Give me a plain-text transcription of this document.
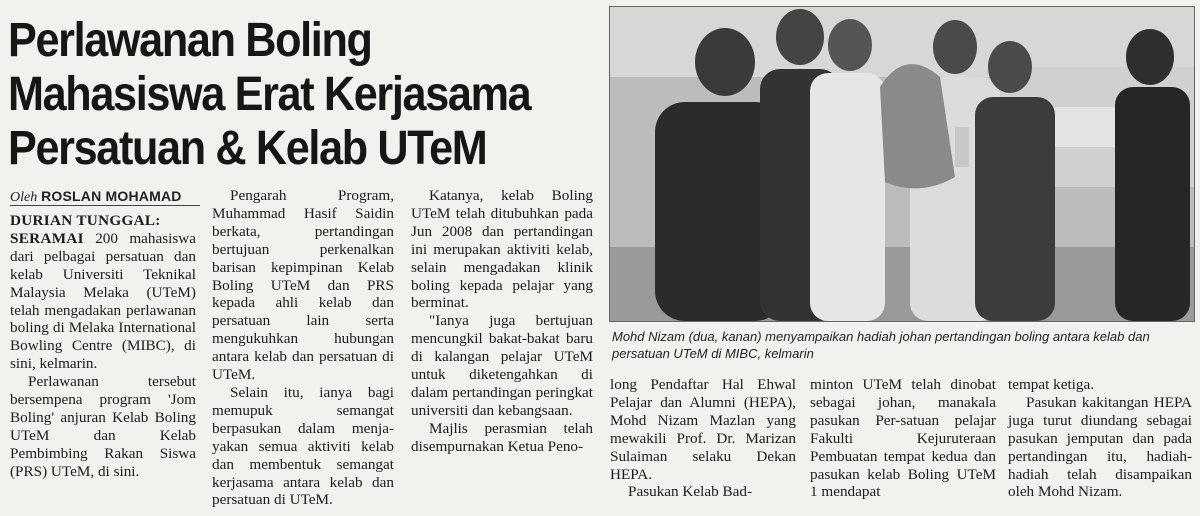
Perlawanan Boling
Mahasiswa Erat Kerjasama
Persatuan & Kelab UTeM
Oleh ROSLAN MOHAMAD

DURIAN TUNGGAL:
SERAMAI 200 mahasiswa dari pelbagai persatuan dan kelab Universiti Teknikal Malaysia Melaka (UTeM) telah mengadakan perlawanan boling di Melaka International Bowling Centre (MIBC), di sini, kelmarin.

Perlawanan tersebut bersempena program 'Jom Boling' anjuran Kelab Boling UTeM dan Kelab Pembimbing Rakan Siswa (PRS) UTeM, di sini.

Pengarah Program, Muhammad Hasif Saidin berkata, pertandingan bertujuan perkenalkan barisan kepimpinan Kelab Boling UTeM dan PRS kepada ahli kelab dan persatuan lain serta mengukuhkan hubungan antara kelab dan persatuan di UTeM.

Selain itu, ianya bagi memupuk semangat berpasukan dalam menja-yakan semua aktiviti kelab dan membentuk semangat kerjasama antara kelab dan persatuan di UTeM.

Katanya, kelab Boling UTeM telah ditubuhkan pada Jun 2008 dan pertandingan ini merupakan aktiviti kelab, selain mengadakan klinik boling kepada pelajar yang berminat.

"Ianya juga bertujuan mencungkil bakat-bakat baru di kalangan pelajar UTeM untuk diketengahkan di dalam pertandingan peringkat universiti dan kebangsaan.

Majlis perasmian telah disempurnakan Ketua Peno-

Mohd Nizam (dua, kanan) menyampaikan hadiah johan pertandingan boling antara kelab dan persatuan UTeM di MIBC, kelmarin

long Pendaftar Hal Ehwal Pelajar dan Alumni (HEPA), Mohd Nizam Mazlan yang mewakili Prof. Dr. Marizan Sulaiman selaku Dekan HEPA.

Pasukan Kelab Bad-

minton UTeM telah dinobat sebagai johan, manakala pasukan Per-satuan pelajar Fakulti Kejuruteraan Pembuatan tempat kedua dan pasukan kelab Boling UTeM 1 mendapat

tempat ketiga.

Pasukan kakitangan HEPA juga turut diundang sebagai pasukan jemputan dan pada pertandingan itu, hadiah-hadiah telah disampaikan oleh Mohd Nizam.
